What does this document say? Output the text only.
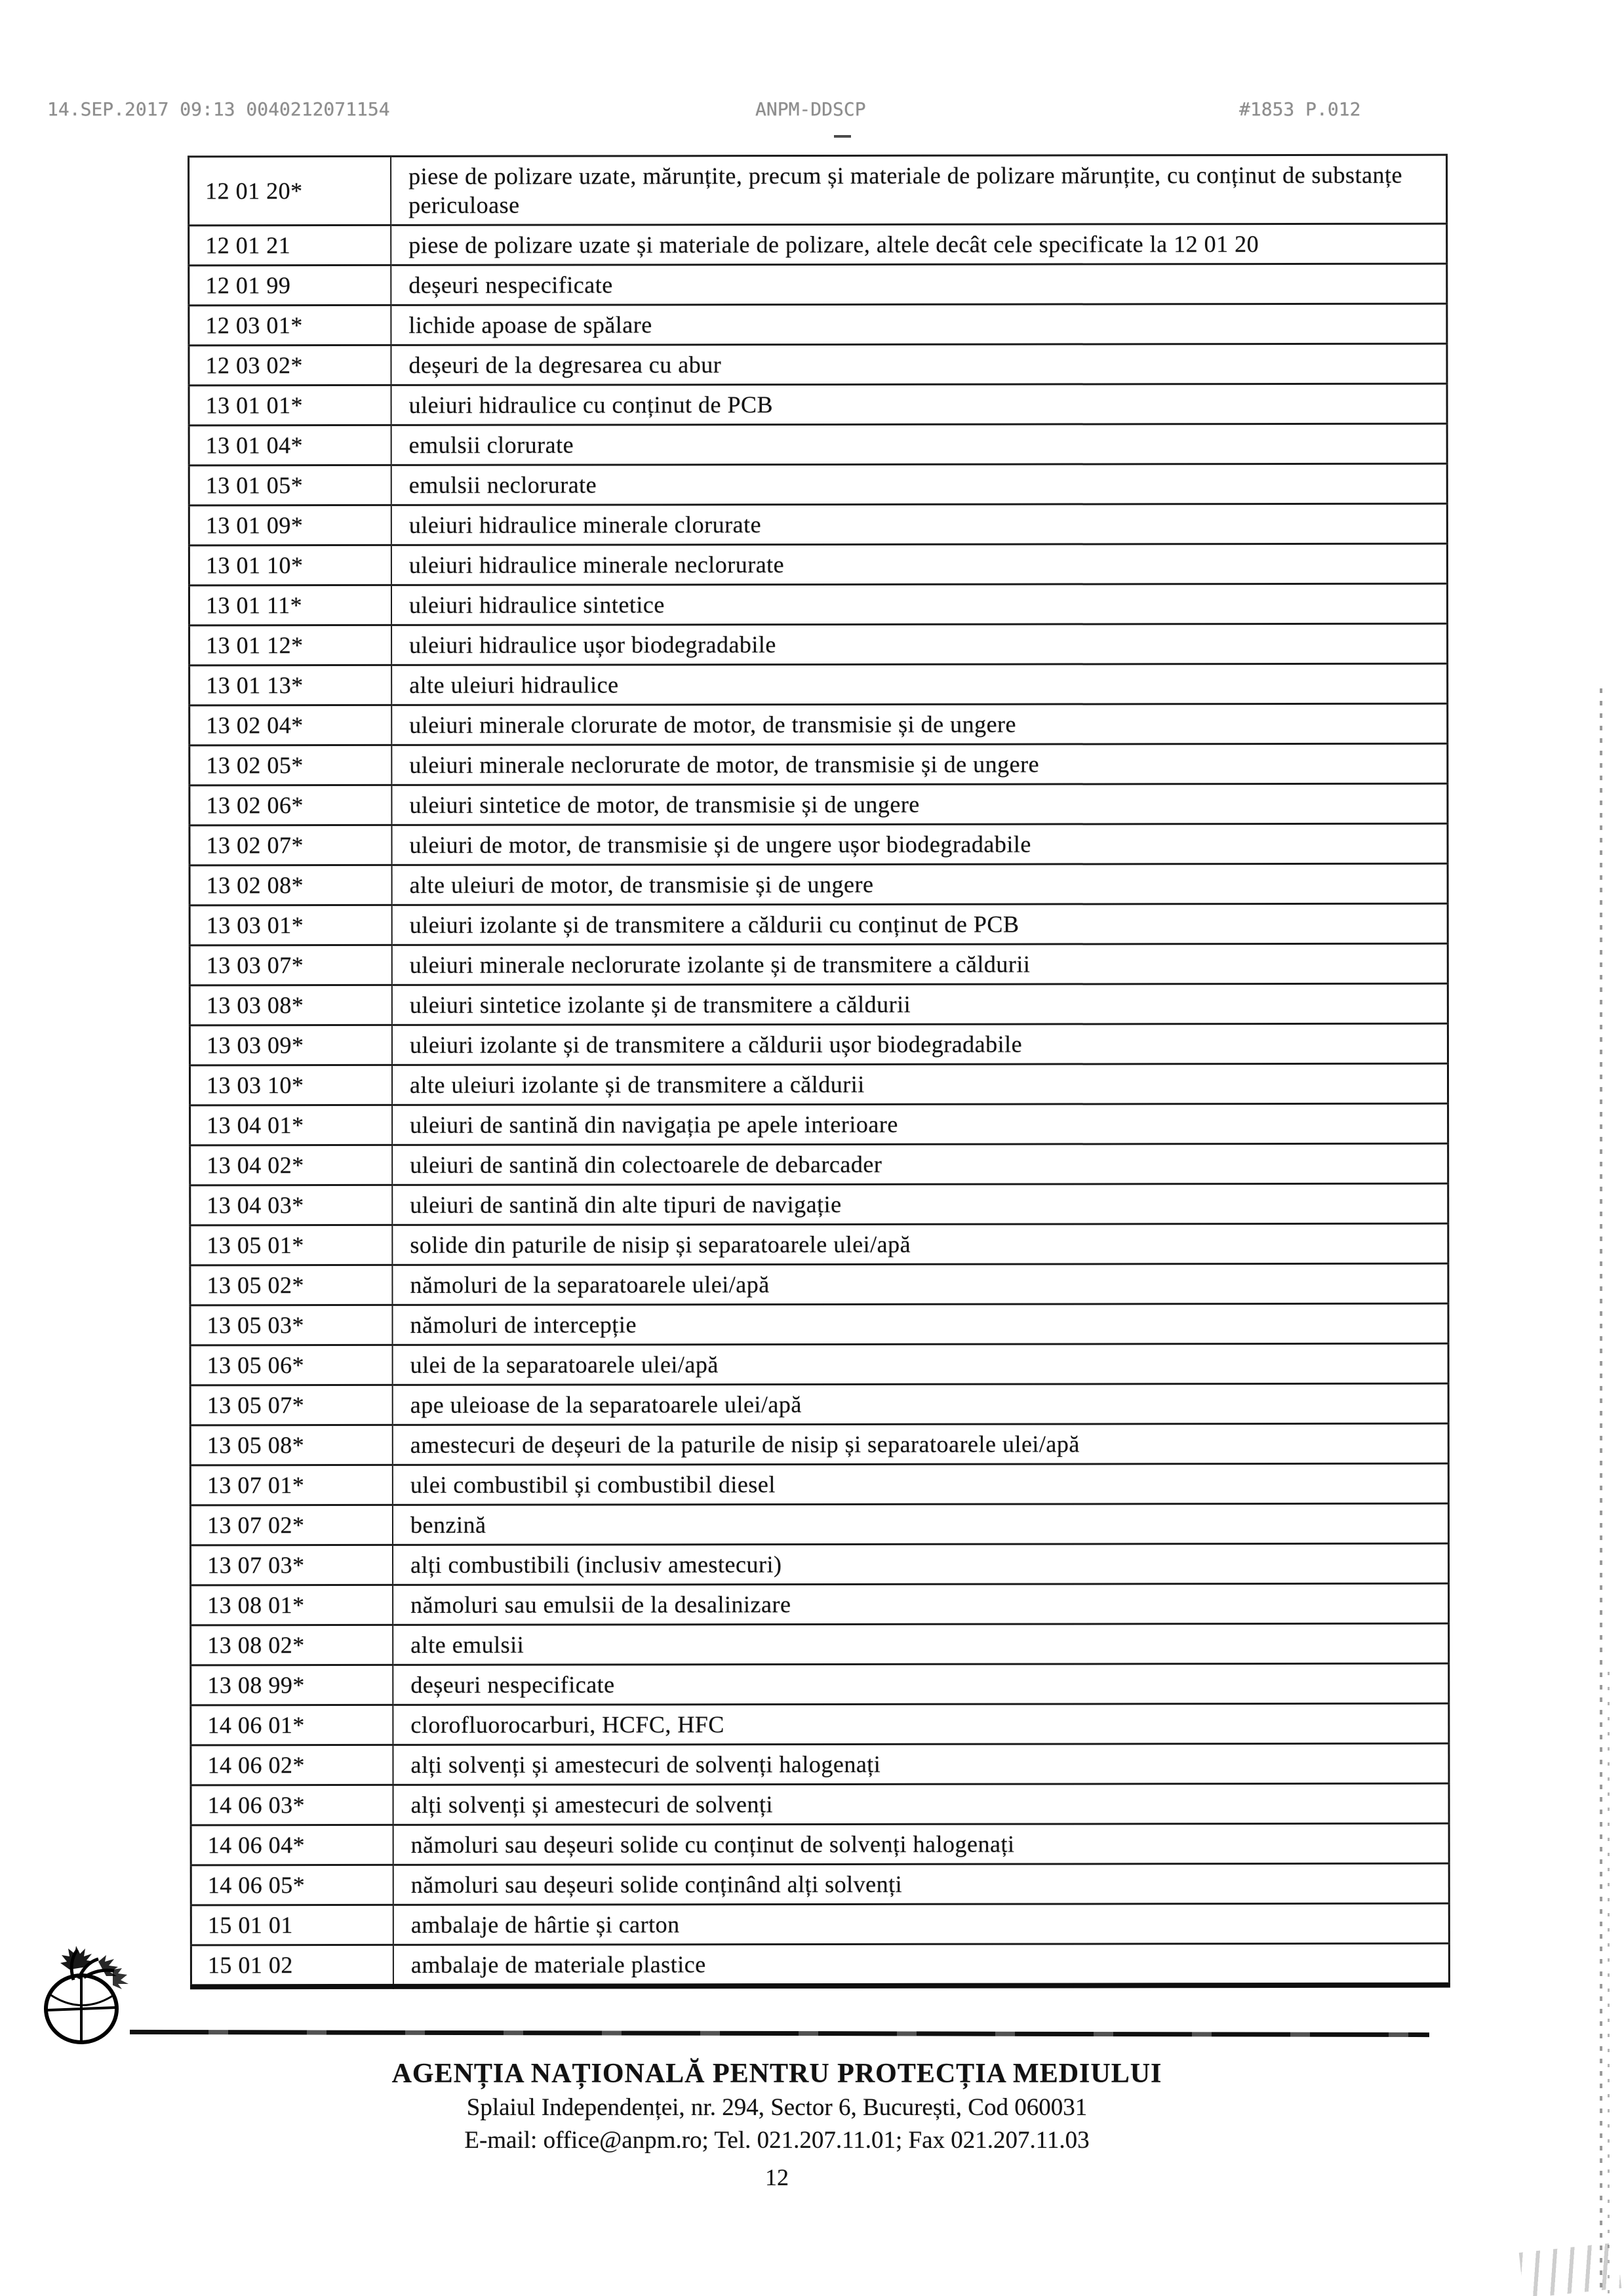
14.SEP.2017 09:13 0040212071154	ANPM-DDSCP	#1853 P.012
12 01 20*	piese de polizare uzate, mărunțite, precum și materiale de polizare mărunțite, cu conținut de substanțe periculoase
12 01 21	piese de polizare uzate și materiale de polizare, altele decât cele specificate la 12 01 20
12 01 99	deșeuri nespecificate
12 03 01*	lichide apoase de spălare
12 03 02*	deșeuri de la degresarea cu abur
13 01 01*	uleiuri hidraulice cu conținut de PCB
13 01 04*	emulsii clorurate
13 01 05*	emulsii neclorurate
13 01 09*	uleiuri hidraulice minerale clorurate
13 01 10*	uleiuri hidraulice minerale neclorurate
13 01 11*	uleiuri hidraulice sintetice
13 01 12*	uleiuri hidraulice ușor biodegradabile
13 01 13*	alte uleiuri hidraulice
13 02 04*	uleiuri minerale clorurate de motor, de transmisie și de ungere
13 02 05*	uleiuri minerale neclorurate de motor, de transmisie și de ungere
13 02 06*	uleiuri sintetice de motor, de transmisie și de ungere
13 02 07*	uleiuri de motor, de transmisie și de ungere ușor biodegradabile
13 02 08*	alte uleiuri de motor, de transmisie și de ungere
13 03 01*	uleiuri izolante și de transmitere a căldurii cu conținut de PCB
13 03 07*	uleiuri minerale neclorurate izolante și de transmitere a căldurii
13 03 08*	uleiuri sintetice izolante și de transmitere a căldurii
13 03 09*	uleiuri izolante și de transmitere a căldurii ușor biodegradabile
13 03 10*	alte uleiuri izolante și de transmitere a căldurii
13 04 01*	uleiuri de santină din navigația pe apele interioare
13 04 02*	uleiuri de santină din colectoarele de debarcader
13 04 03*	uleiuri de santină din alte tipuri de navigație
13 05 01*	solide din paturile de nisip și separatoarele ulei/apă
13 05 02*	nămoluri de la separatoarele ulei/apă
13 05 03*	nămoluri de intercepție
13 05 06*	ulei de la separatoarele ulei/apă
13 05 07*	ape uleioase de la separatoarele ulei/apă
13 05 08*	amestecuri de deșeuri de la paturile de nisip și separatoarele ulei/apă
13 07 01*	ulei combustibil și combustibil diesel
13 07 02*	benzină
13 07 03*	alți combustibili (inclusiv amestecuri)
13 08 01*	nămoluri sau emulsii de la desalinizare
13 08 02*	alte emulsii
13 08 99*	deșeuri nespecificate
14 06 01*	clorofluorocarburi, HCFC, HFC
14 06 02*	alți solvenți și amestecuri de solvenți halogenați
14 06 03*	alți solvenți și amestecuri de solvenți
14 06 04*	nămoluri sau deșeuri solide cu conținut de solvenți halogenați
14 06 05*	nămoluri sau deșeuri solide conținând alți solvenți
15 01 01	ambalaje de hârtie și carton
15 01 02	ambalaje de materiale plastice
AGENȚIA NAȚIONALĂ PENTRU PROTECȚIA MEDIULUI
Splaiul Independenței, nr. 294, Sector 6, București, Cod 060031
E-mail: office@anpm.ro; Tel. 021.207.11.01; Fax 021.207.11.03
12
